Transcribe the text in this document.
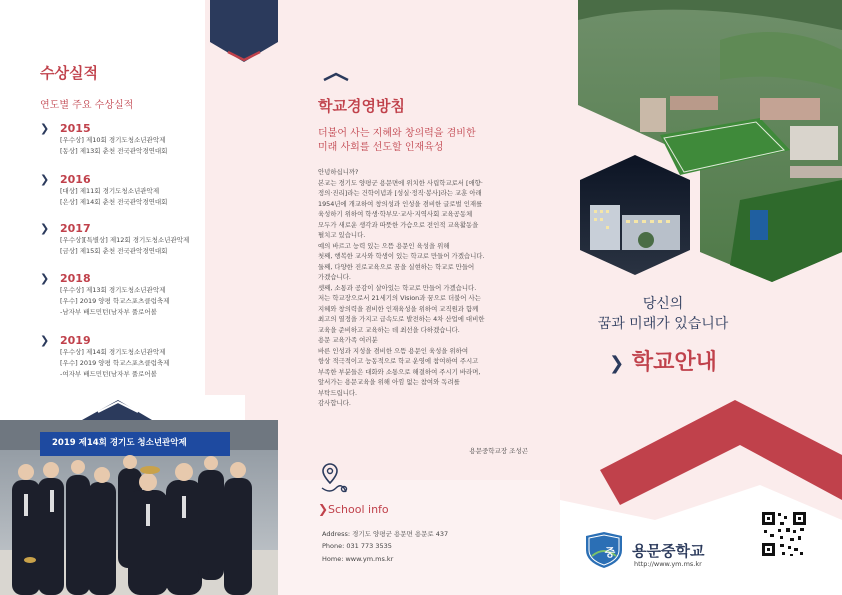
수상실적
연도별 주요 수상실적
❯ 2015
[우수상] 제10회 경기도청소년관악제
[동상] 제13회 춘천 전국관악경연대회
❯ 2016
[대상] 제11회 경기도청소년관악제
[은상] 제14회 춘천 전국관악경연대회
❯ 2017
[우수상][특별상] 제12회 경기도청소년관악제
[금상] 제15회 춘천 전국관악경연대회
❯ 2018
[우수상] 제13회 경기도청소년관악제
[우수] 2019 양평 학교스포츠클럽축제
-남자부 배드민턴(남자부 풀로어볼
❯ 2019
[우수상] 제14회 경기도청소년관악제
[우수] 2019 양평 학교스포츠클럽축제
-여자부 배드민턴(남자부 풀로어볼
2019 제14회 경기도 청소년관악제
학교경영방침
더불어 사는 지혜와 창의력을 겸비한
미래 사회를 선도할 인재육성
안녕하십니까?
본교는 경기도 양평군 용문면에 위치한 사립학교로서 [애향·
정의·진리]라는 건학이념과 [성실·정직·봉사]라는 교훈 아래
1954년에 개교하여 창의성과 인성을 겸비한 글로벌 인재를
육성하기 위하여 학생·학부모·교사·지역사회 교육공동체
모두가 새로운 생각과 따뜻한 가슴으로 전인적 교육활동을
펼치고 있습니다.
예의 바르고 능력 있는 으뜸 용문인 육성을 위해
첫째, 행복한 교사와 학생이 있는 학교로 만들어 가겠습니다.
둘째, 다양한 진로교육으로 꿈을 실현하는 학교로 만들어
가겠습니다.
셋째, 소통과 공감이 살아있는 학교로 만들어 가겠습니다.
저는 학교장으로서 21세기의 Vision과 꿈으로 더불어 사는
지혜와 창의력을 겸비한 인재육성을 위하여 교직원과 함께
최고의 열정을 가지고 급속도로 발전하는 4차 산업에 대비한
교육을 준비하고 교육하는 데 최선을 다하겠습니다.
용문 교육가족 여러분
바른 인성과 지성을 겸비한 으뜸 용문인 육성을 위하여
항상 적극적이고 능동적으로 학교 운영에 참여하여 주시고
부족한 부분들은 대화와 소통으로 해결하여 주시기 바라며,
앞서가는 용문교육을 위해 아낌 없는 참여와 독려를
부탁드립니다.
감사합니다.
용문중학교장 조성곤
❯ School info
Address: 경기도 양평군 용문면 용문로 437
Phone: 031 773 3535
Home: www.ym.ms.kr	중
당신의
꿈과 미래가 있습니다
❯ 학교안내
용문중학교
http://www.ym.ms.kr
